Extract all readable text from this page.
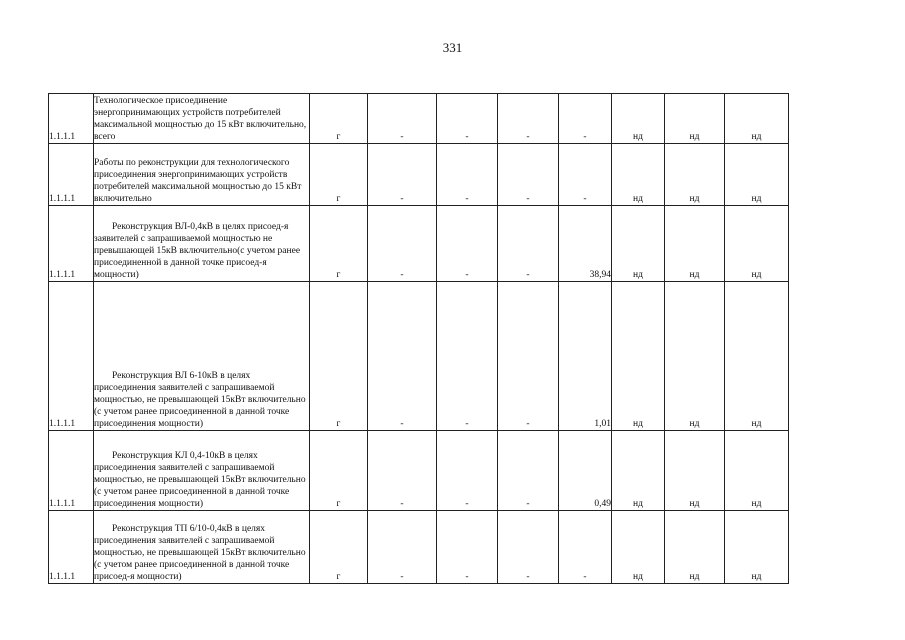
331
1.1.1.1	Технологическое присоединение энергопринимающих устройств потребителей максимальной мощностью до 15 кВт включительно, всего	г	-	-	-	-	нд	нд	нд
1.1.1.1	Работы по реконструкции для технологического присоединения энергопринимающих устройств потребителей максимальной мощностью до 15 кВт включительно	г	-	-	-	-	нд	нд	нд
1.1.1.1	Реконструкция ВЛ-0,4кВ в целях присоед-я заявителей с запрашиваемой мощностью не превышающей 15кВ включительно(с учетом ранее присоединенной в данной точке присоед-я мощности)	г	-	-	-	38,94	нд	нд	нд
1.1.1.1	Реконструкция ВЛ 6-10кВ в целях присоединения заявителей с запрашиваемой мощностью, не превышающей 15кВт включительно (с учетом ранее присоединенной в данной точке присоединения мощности)	г	-	-	-	1,01	нд	нд	нд
1.1.1.1	Реконструкция КЛ 0,4-10кВ в целях присоединения заявителей с запрашиваемой мощностью, не превышающей 15кВт включительно (с учетом ранее присоединенной в данной точке присоединения мощности)	г	-	-	-	0,49	нд	нд	нд
1.1.1.1	Реконструкция ТП 6/10-0,4кВ в целях присоединения заявителей с запрашиваемой мощностью, не превышающей 15кВт включительно (с учетом ранее присоединенной в данной точке присоед-я мощности)	г	-	-	-	-	нд	нд	нд
